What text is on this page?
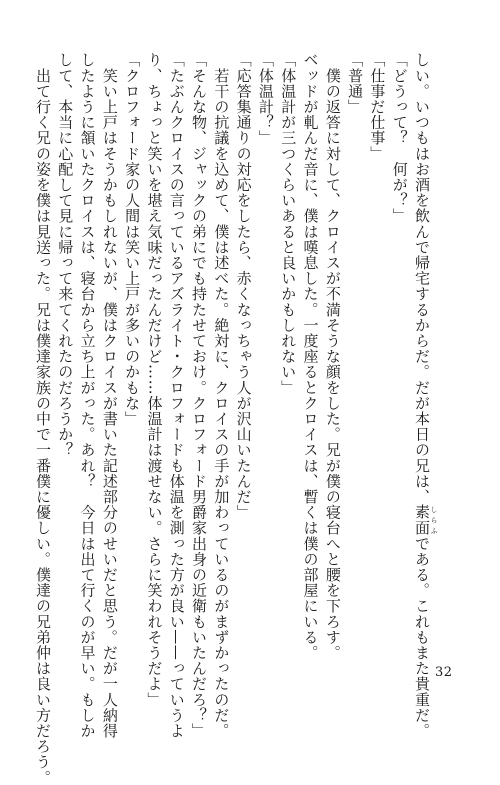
しい。いつもはお酒を飲んで帰宅するからだ。だが本日の兄は、素面 しらふである。これもまた貴重だ。
「どうって？　何が？」
「仕事だ仕事」
「普通」
　僕の返答に対して、クロイスが不満そうな顔をした。兄が僕の寝台へと腰を下ろす。
ベッドが軋んだ音に、僕は嘆息した。一度座るとクロイスは、暫くは僕の部屋にいる。
「体温計が三つくらいあると良いかもしれない」
「体温計？」
「応答集通りの対応をしたら、赤くなっちゃう人が沢山いたんだ」
　若干の抗議を込めて、僕は述べた。絶対に、クロイスの手が加わっているのがまずかったのだ。
「そんな物、ジャックの弟にでも持たせておけ。クロフォード男爵家出身の近衛もいたんだろ？」
「たぶんクロイスの言っているアズライト・クロフォードも体温を測った方が良い——っていうよ
り、ちょっと笑いを堪え気味だったんだけど……体温計は渡せない。さらに笑われそうだよ」
「クロフォード家の人間は笑い上戸が多いのかもな」
　笑い上戸はそうかもしれないが、僕はクロイスが書いた記述部分のせいだと思う。だが一人納得
したように頷いたクロイスは、寝台から立ち上がった。あれ？　今日は出て行くのが早い。もしか
して、本当に心配して見に帰って来てくれたのだろうか？
　出て行く兄の姿を僕は見送った。兄は僕達家族の中で一番僕に優しい。僕達の兄弟仲は良い方だろう。	32
